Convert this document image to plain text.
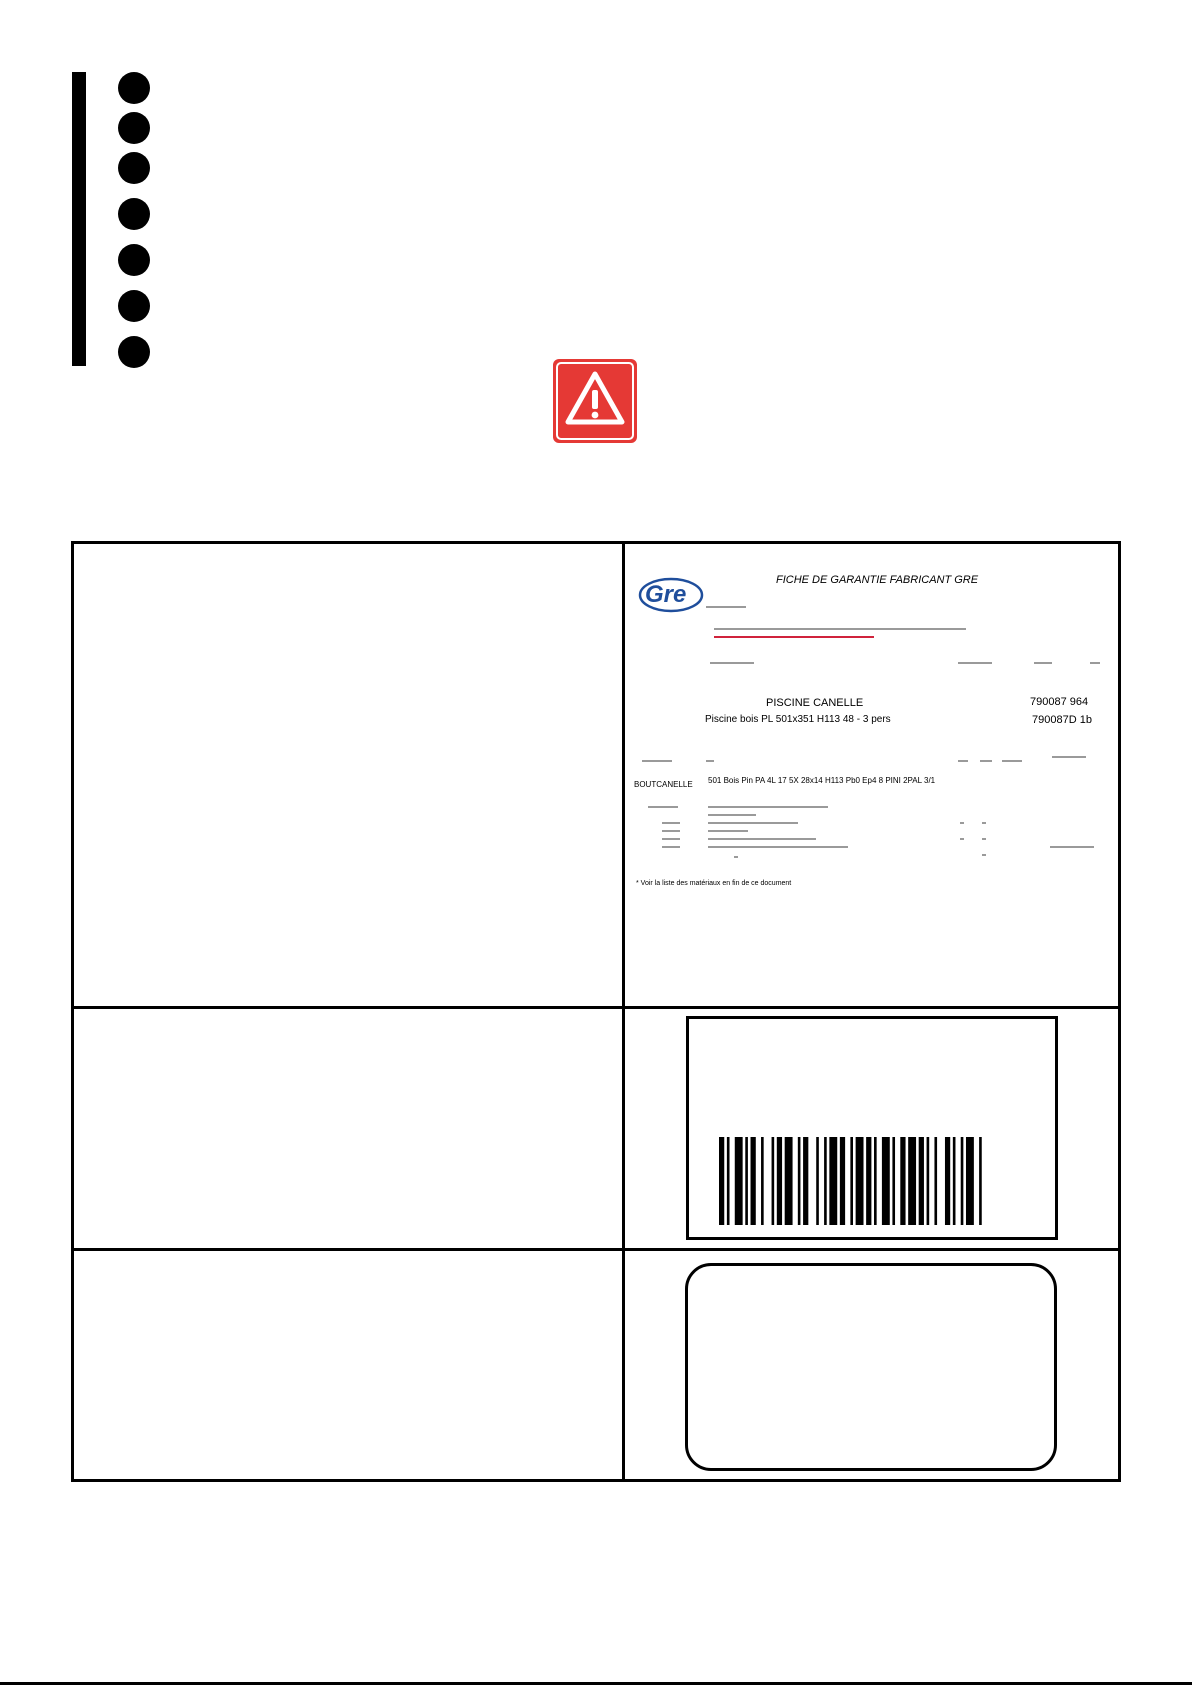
Gre
FICHE DE GARANTIE FABRICANT GRE
PISCINE CANELLE
Piscine bois PL 501x351 H113 48 - 3 pers
790087 964
790087D 1b
BOUTCANELLE 501 Bois Pin PA 4L 17 5X 28x14 H113 Pb0 Ep4 8 PINI 2PAL 3/1
* Voir la liste des matériaux en fin de ce document
